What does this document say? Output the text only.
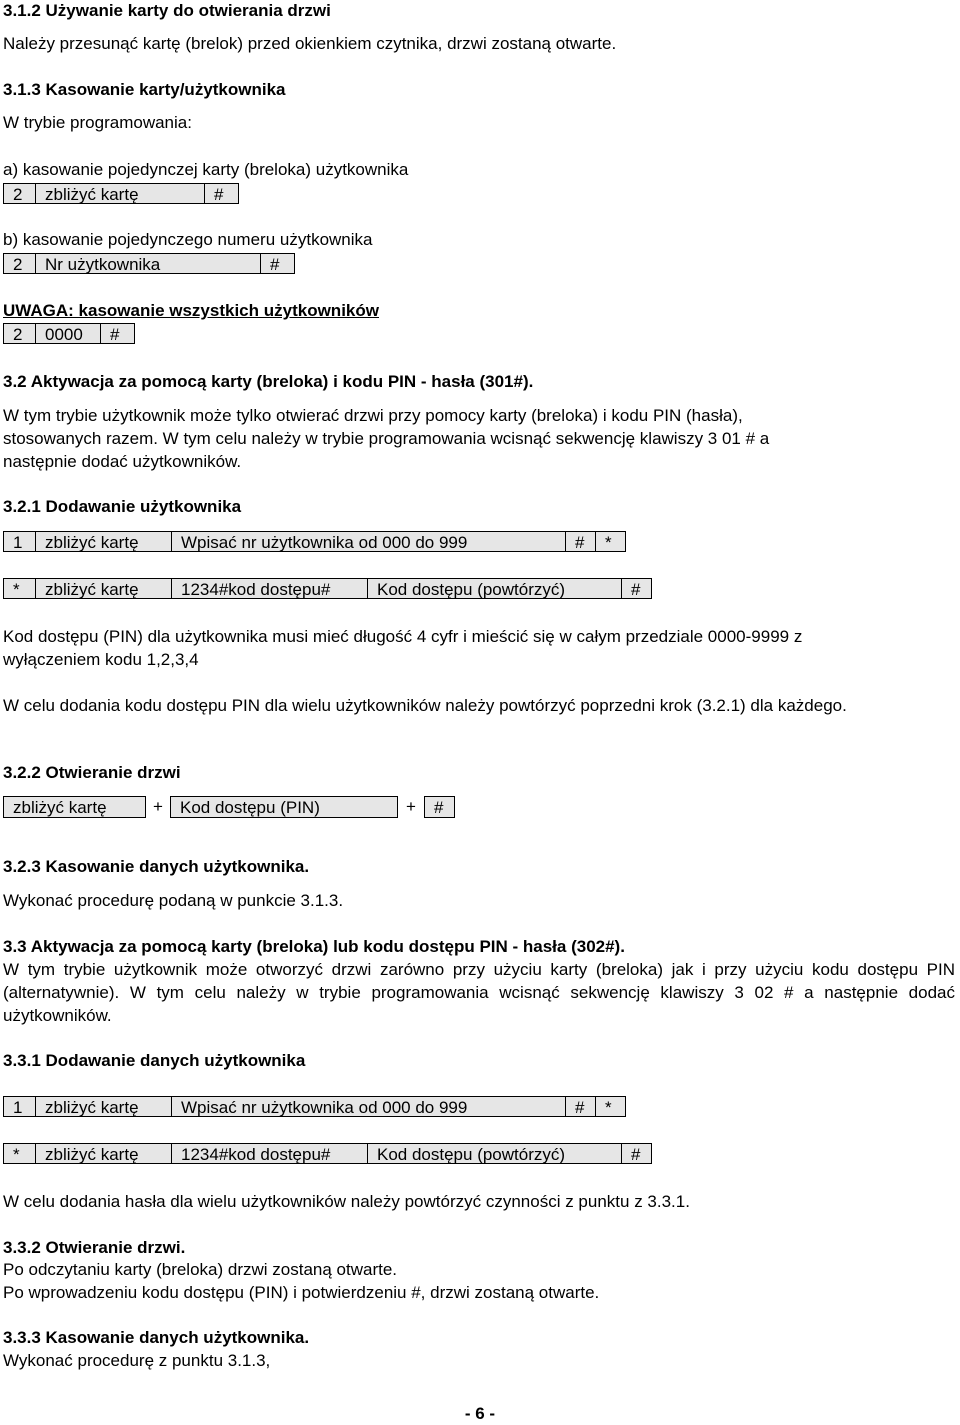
3.1.2 Używanie karty do otwierania drzwi
Należy przesunąć kartę (brelok) przed okienkiem czytnika, drzwi zostaną otwarte.
3.1.3 Kasowanie karty/użytkownika
W trybie programowania:
a) kasowanie pojedynczej karty (breloka) użytkownika
2	zbliżyć kartę	#
b) kasowanie pojedynczego numeru użytkownika
2	Nr użytkownika	#
UWAGA: kasowanie wszystkich użytkowników
2	0000	#
3.2 Aktywacja za pomocą karty (breloka) i kodu PIN - hasła (301#).
W tym trybie użytkownik może tylko otwierać drzwi przy pomocy karty (breloka) i kodu PIN (hasła),
stosowanych razem. W tym celu należy w trybie programowania wcisnąć sekwencję klawiszy 3 01 # a
następnie dodać użytkowników.
3.2.1 Dodawanie użytkownika
1	zbliżyć kartę	Wpisać nr użytkownika od 000 do 999	#	*
*	zbliżyć kartę	1234#kod dostępu#	Kod dostępu (powtórzyć)	#
Kod dostępu (PIN) dla użytkownika musi mieć długość 4 cyfr i mieścić się w całym przedziale 0000-9999 z
wyłączeniem kodu 1,2,3,4
W celu dodania kodu dostępu PIN dla wielu użytkowników należy powtórzyć poprzedni krok (3.2.1) dla każdego.
3.2.2 Otwieranie drzwi
zbliżyć kartę	+	Kod dostępu (PIN)	+	#
3.2.3 Kasowanie danych użytkownika.
Wykonać procedurę podaną w punkcie 3.1.3.
3.3 Aktywacja za pomocą karty (breloka) lub kodu dostępu PIN - hasła (302#).
W tym trybie użytkownik może otworzyć drzwi zarówno przy użyciu karty (breloka) jak i przy użyciu kodu dostępu PIN (alternatywnie). W tym celu należy w trybie programowania wcisnąć sekwencję klawiszy 3 02 # a następnie dodać użytkowników.
3.3.1 Dodawanie danych użytkownika
1	zbliżyć kartę	Wpisać nr użytkownika od 000 do 999	#	*
*	zbliżyć kartę	1234#kod dostępu#	Kod dostępu (powtórzyć)	#
W celu dodania hasła dla wielu użytkowników należy powtórzyć czynności z punktu z 3.3.1.
3.3.2 Otwieranie drzwi.
Po odczytaniu karty (breloka) drzwi zostaną otwarte.
Po wprowadzeniu kodu dostępu (PIN) i potwierdzeniu #, drzwi zostaną otwarte.
3.3.3 Kasowanie danych użytkownika.
Wykonać procedurę z punktu 3.1.3,
- 6 -
